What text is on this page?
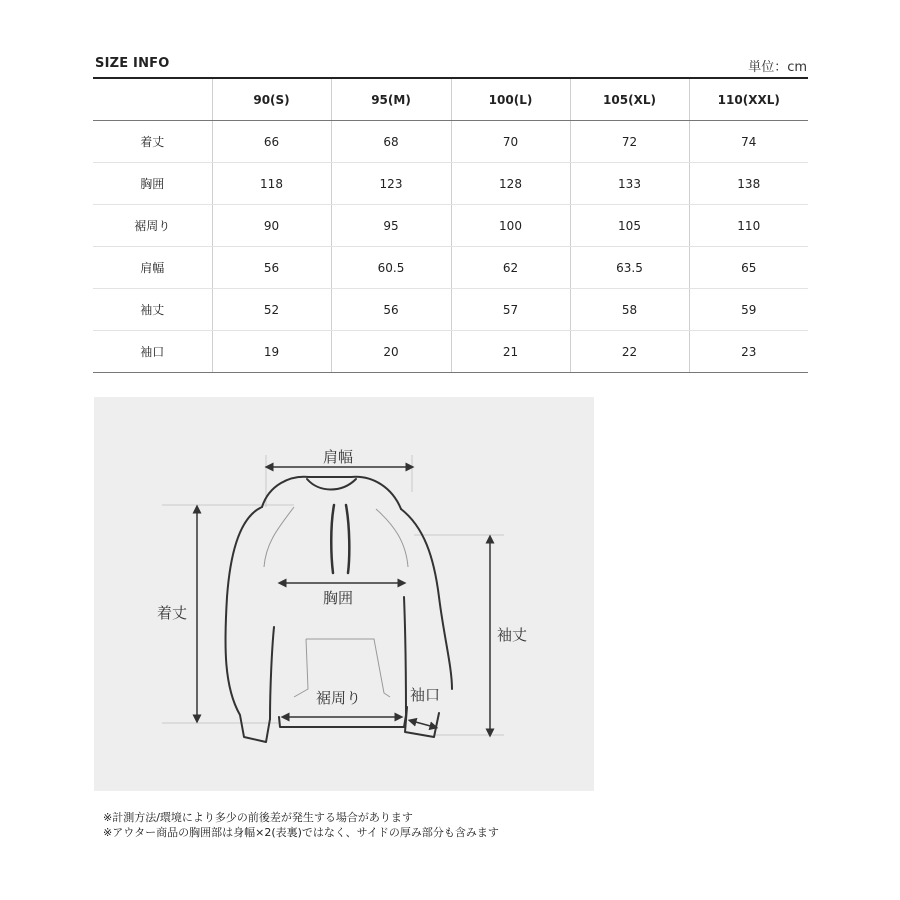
SIZE INFO	単位：cm
	90(S)	95(M)	100(L)	105(XL)	110(XXL)
着丈	66	68	70	72	74
胸囲	118	123	128	133	138
裾周り	90	95	100	105	110
肩幅	56	60.5	62	63.5	65
袖丈	52	56	57	58	59
袖口	19	20	21	22	23
肩幅
胸囲
着丈
袖丈
裾周り	袖口
※計測方法/環境により多少の前後差が発生する場合があります
※アウター商品の胸囲部は身幅×2(表裏)ではなく、サイドの厚み部分も含みます
